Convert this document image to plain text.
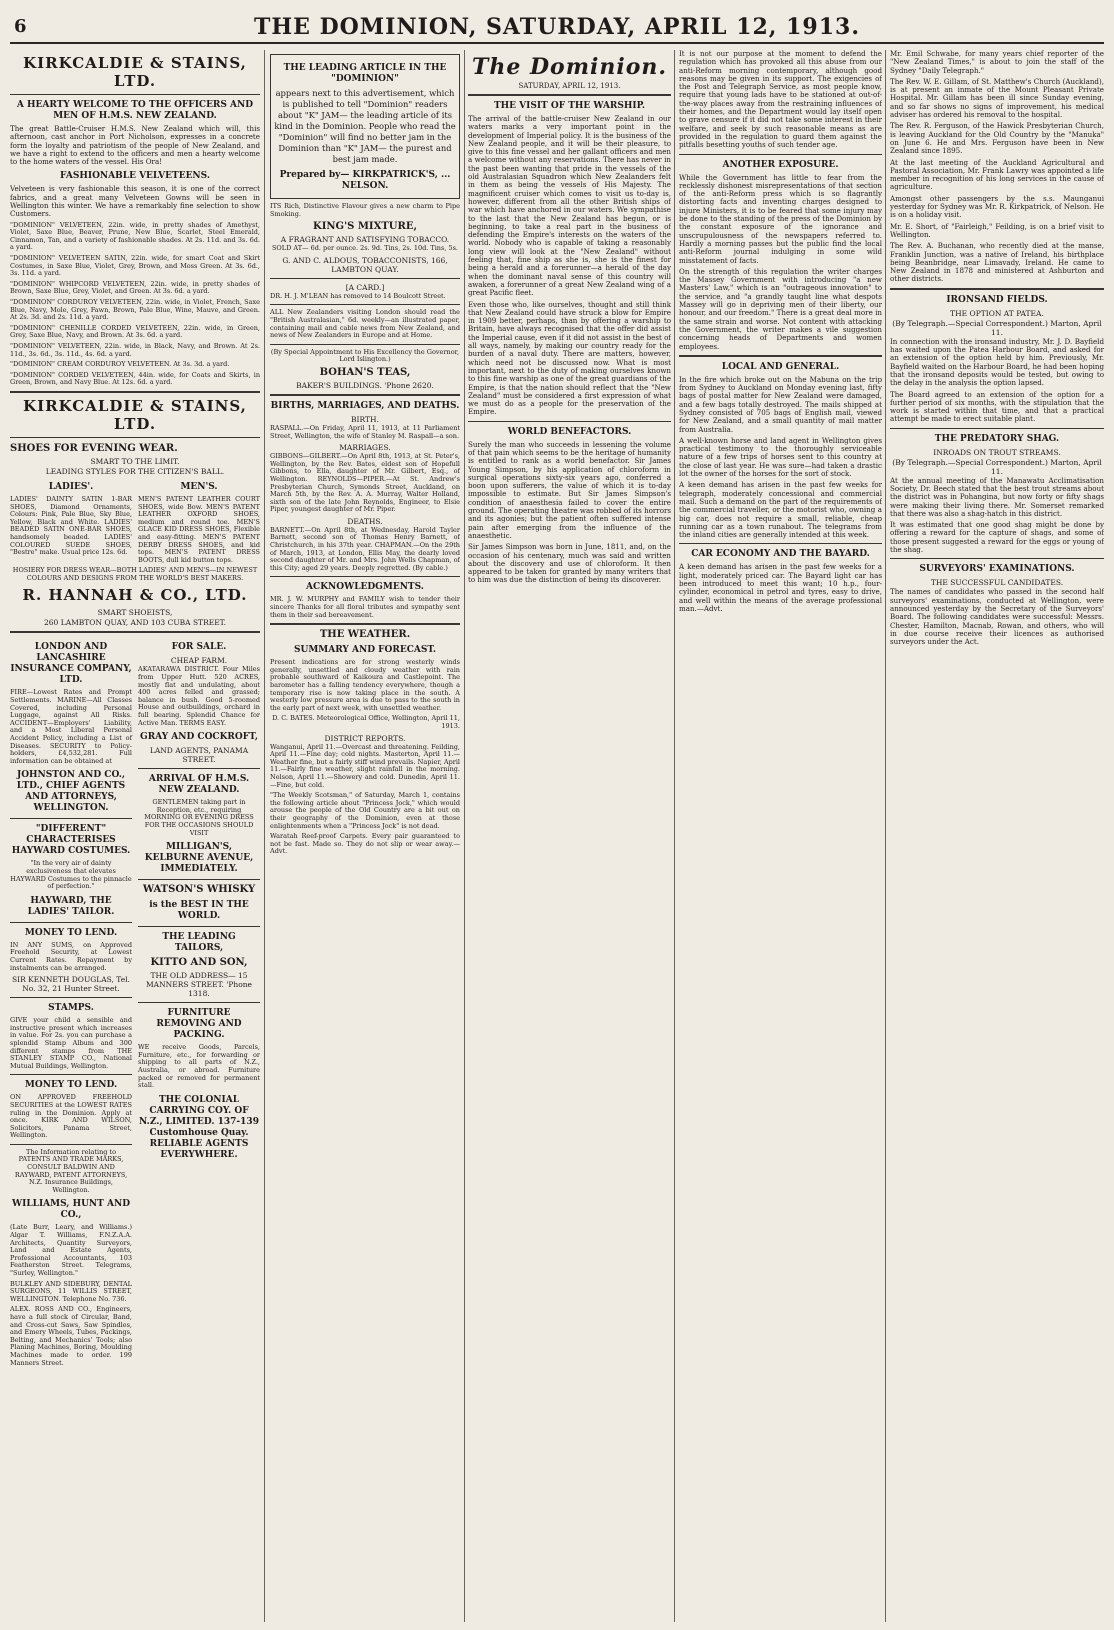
6	THE DOMINION, SATURDAY, APRIL 12, 1913.
KIRKCALDIE & STAINS, LTD.
A HEARTY WELCOME TO THE OFFICERS AND MEN OF H.M.S. NEW ZEALAND.

The great Battle-Cruiser H.M.S. New Zealand which will, this afternoon, cast anchor in Port Nicholson, expresses in a concrete form the loyalty and patriotism of the people of New Zealand, and we have a right to extend to the officers and men a hearty welcome to the home waters of the vessel. His Ora!

FASHIONABLE VELVETEENS.

Velveteen is very fashionable this season, it is one of the correct fabrics, and a great many Velveteen Gowns will be seen in Wellington this winter. We have a remarkably fine selection to show Customers.

"DOMINION" VELVETEEN, 22in. wide, in pretty shades of Amethyst, Violet, Saxe Blue, Beaver, Prune, New Blue, Scarlet, Steel Emerald, Cinnamon, Tan, and a variety of fashionable shades. At 2s. 11d. and 3s. 6d. a yard.

"DOMINION" VELVETEEN SATIN, 22in. wide, for smart Coat and Skirt Costumes, in Saxe Blue, Violet, Grey, Brown, and Moss Green. At 3s. 6d., 3s. 11d. a yard.

"DOMINION" WHIPCORD VELVETEEN, 22in. wide, in pretty shades of Brown, Saxe Blue, Grey, Violet, and Green. At 3s. 6d. a yard.

"DOMINION" CORDUROY VELVETEEN, 22in. wide, in Violet, French, Saxe Blue, Navy, Mole, Grey, Fawn, Brown, Pale Blue, Wine, Mauve, and Green. At 2s. 3d. and 2s. 11d. a yard.

"DOMINION" CHENILLE CORDED VELVETEEN, 22in. wide, in Green, Grey, Saxe Blue, Navy, and Brown. At 3s. 6d. a yard.

"DOMINION" VELVETEEN, 22in. wide, in Black, Navy, and Brown. At 2s. 11d., 3s. 6d., 3s. 11d., 4s. 6d. a yard.

"DOMINION" CREAM CORDUROY VELVETEEN. At 3s. 3d. a yard.

"DOMINION" CORDED VELVETEEN, 44in. wide, for Coats and Skirts, in Green, Brown, and Navy Blue. At 12s. 6d. a yard.

KIRKCALDIE & STAINS, LTD.
SHOES FOR EVENING WEAR.
SMART TO THE LIMIT.
LEADING STYLES FOR THE CITIZEN'S BALL.
LADIES'.

LADIES' DAINTY SATIN 1-BAR SHOES, Diamond Ornaments, Colours: Pink, Pale Blue, Sky Blue, Yellow, Black and White. LADIES' BEADED SATIN ONE-BAR SHOES, handsomely beaded. LADIES' COLOURED SUEDE SHOES, "Bestre" make. Usual price 12s. 6d.

MEN'S.

MEN'S PATENT LEATHER COURT SHOES, wide Bow. MEN'S PATENT LEATHER OXFORD SHOES, medium and round toe. MEN'S GLACE KID DRESS SHOES, Flexible and easy-fitting. MEN'S PATENT DERBY DRESS SHOES, and kid tops. MEN'S PATENT DRESS BOOTS, dull kid button tops.

HOSIERY FOR DRESS WEAR—BOTH LADIES' AND MEN'S—IN NEWEST COLOURS AND DESIGNS FROM THE WORLD'S BEST MAKERS.

R. HANNAH & CO., LTD.
SMART SHOEISTS,
260 LAMBTON QUAY, AND 103 CUBA STREET.
LONDON AND LANCASHIRE INSURANCE COMPANY, LTD.

FIRE—Lowest Rates and Prompt Settlements. MARINE—All Classes Covered, including Personal Luggage, against All Risks. ACCIDENT—Employers' Liability, and a Most Liberal Personal Accident Policy, including a List of Diseases. SECURITY to Policy-holders, £4,532,281. Full information can be obtained at

JOHNSTON AND CO., LTD., CHIEF AGENTS AND ATTORNEYS, WELLINGTON.
"DIFFERENT" CHARACTERISES HAYWARD COSTUMES.

"In the very air of dainty exclusiveness that elevates HAYWARD Costumes to the pinnacle of perfection."

HAYWARD, THE LADIES' TAILOR.
MONEY TO LEND.

IN ANY SUMS, on Approved Freehold Security, at Lowest Current Rates. Repayment by instalments can be arranged.

SIR KENNETH DOUGLAS, Tel. No. 32, 21 Hunter Street.
STAMPS.

GIVE your child a sensible and instructive present which increases in value. For 2s. you can purchase a splendid Stamp Album and 300 different stamps from THE STANLEY STAMP CO., National Mutual Buildings, Wellington.

MONEY TO LEND.

ON APPROVED FREEHOLD SECURITIES at the LOWEST RATES ruling in the Dominion. Apply at once. KIRK AND WILSON, Solicitors, Panama Street, Wellington.

The Information relating to PATENTS AND TRADE MARKS, CONSULT BALDWIN AND RAYWARD, PATENT ATTORNEYS, N.Z. Insurance Buildings, Wellington.

WILLIAMS, HUNT AND CO.,

(Late Burr, Leary, and Williams.) Algar T. Williams, F.N.Z.A.A. Architects, Quantity Surveyors, Land and Estate Agents, Professional Accountants, 103 Featherston Street. Telegrams, "Surley, Wellington."

BULKLEY AND SIDEBURY, DENTAL SURGEONS, 11 WILLIS STREET, WELLINGTON. Telephone No. 736.

ALEX. ROSS AND CO., Engineers, have a full stock of Circular, Band, and Cross-cut Saws, Saw Spindles, and Emery Wheels, Tubes, Packings, Belting, and Mechanics' Tools; also Planing Machines, Boring, Moulding Machines made to order. 199 Manners Street.

FOR SALE.
CHEAP FARM.

AKATARAWA DISTRICT. Four Miles from Upper Hutt. 520 ACRES, mostly flat and undulating, about 400 acres felled and grassed; balance in bush. Good 5-roomed House and outbuildings, orchard in full bearing. Splendid Chance for Active Man. TERMS EASY.

GRAY AND COCKROFT,
LAND AGENTS, PANAMA STREET.
ARRIVAL OF H.M.S. NEW ZEALAND.

GENTLEMEN taking part in Reception, etc., requiring MORNING OR EVENING DRESS FOR THE OCCASIONS SHOULD VISIT

MILLIGAN'S, KELBURNE AVENUE, IMMEDIATELY.
WATSON'S WHISKY
is the BEST IN THE WORLD.
THE LEADING TAILORS,
KITTO AND SON,
THE OLD ADDRESS— 15 MANNERS STREET. 'Phone 1318.
FURNITURE REMOVING AND PACKING.

WE receive Goods, Parcels, Furniture, etc., for forwarding or shipping to all parts of N.Z., Australia, or abroad. Furniture packed or removed for permanent stall.

THE COLONIAL CARRYING COY. OF N.Z., LIMITED. 137-139 Customhouse Quay. RELIABLE AGENTS EVERYWHERE.
THE LEADING ARTICLE IN THE "DOMINION"

appears next to this advertisement, which is published to tell "Dominion" readers about "K" JAM— the leading article of its kind in the Dominion. People who read the "Dominion" will find no better jam in the Dominion than "K" JAM— the purest and best jam made.

Prepared by— KIRKPATRICK'S, ... NELSON.

ITS Rich, Distinctive Flavour gives a new charm to Pipe Smoking.

KING'S MIXTURE,
A FRAGRANT AND SATISFYING TOBACCO.

SOLD AT— 6d. per ounce. 2s. 9d. Tins, 2s. 10d. Tins, 5s.

G. AND C. ALDOUS, TOBACCONISTS, 166, LAMBTON QUAY.
[A CARD.]

DR. H. J. M'LEAN has removed to 14 Boulcott Street.

ALL New Zealanders visiting London should read the "British Australasian," 6d. weekly—an illustrated paper, containing mail and cable news from New Zealand, and news of New Zealanders in Europe and at Home.

(By Special Appointment to His Excellency the Governor, Lord Islington.)

BOHAN'S TEAS,
BAKER'S BUILDINGS. 'Phone 2620.
BIRTHS, MARRIAGES, AND DEATHS.
BIRTH.

RASPALL.—On Friday, April 11, 1913, at 11 Parliament Street, Wellington, the wife of Stanley M. Raspall—a son.

MARRIAGES.

GIBBONS—GILBERT.—On April 8th, 1913, at St. Peter's, Wellington, by the Rev. Bates, eldest son of Hopefull Gibbons, to Ella, daughter of Mr. Gilbert, Esq., of Wellington. REYNOLDS—PIPER.—At St. Andrew's Presbyterian Church, Symonds Street, Auckland, on March 5th, by the Rev. A. A. Murray, Walter Holland, sixth son of the late John Reynolds, Engineer, to Elsie Piper, youngest daughter of Mr. Piper.

DEATHS.

BARNETT.—On April 8th, at Wednesday, Harold Tayler Barnett, second son of Thomas Henry Barnett, of Christchurch, in his 37th year. CHAPMAN.—On the 29th of March, 1913, at London, Ellis May, the dearly loved second daughter of Mr. and Mrs. John Wells Chapman, of this City; aged 29 years. Deeply regretted. (By cable.)

ACKNOWLEDGMENTS.

MR. J. W. MURPHY and FAMILY wish to tender their sincere Thanks for all floral tributes and sympathy sent them in their sad bereavement.

THE WEATHER.
SUMMARY AND FORECAST.

Present indications are for strong westerly winds generally, unsettled and cloudy weather with rain probable southward of Kaikoura and Castlepoint. The barometer has a falling tendency everywhere, though a temporary rise is now taking place in the south. A westerly low pressure area is due to pass to the south in the early part of next week, with unsettled weather.

D. C. BATES. Meteorological Office, Wellington, April 11, 1913.

DISTRICT REPORTS.

Wanganui, April 11.—Overcast and threatening. Feilding, April 11.—Fine day; cold nights. Masterton, April 11.—Weather fine, but a fairly stiff wind prevails. Napier, April 11.—Fairly fine weather, slight rainfall in the morning. Nelson, April 11.—Showery and cold. Dunedin, April 11.—Fine, but cold.

"The Weekly Scotsman," of Saturday, March 1, contains the following article about "Princess Jock," which would arouse the people of the Old Country are a bit out on their geography of the Dominion, even at those enlightenments when a "Princess Jock" is not dead.

Waratah Reef-proof Carpets. Every pair guaranteed to not be fast. Made so. They do not slip or wear away.—Advt.

The Dominion.
SATURDAY, APRIL 12, 1913.
THE VISIT OF THE WARSHIP.

The arrival of the battle-cruiser New Zealand in our waters marks a very important point in the development of Imperial policy. It is the business of the New Zealand people, and it will be their pleasure, to give to this fine vessel and her gallant officers and men a welcome without any reservations. There has never in the past been wanting that pride in the vessels of the old Australasian Squadron which New Zealanders felt in them as being the vessels of His Majesty. The magnificent cruiser which comes to visit us to-day is, however, different from all the other British ships of war which have anchored in our waters. We sympathise to the last that the New Zealand has begun, or is beginning, to take a real part in the business of defending the Empire's interests on the waters of the world. Nobody who is capable of taking a reasonably long view will look at the "New Zealand" without feeling that, fine ship as she is, she is the finest for being a herald and a forerunner—a herald of the day when the dominant naval sense of this country will awaken, a forerunner of a great New Zealand wing of a great Pacific fleet.

Even those who, like ourselves, thought and still think that New Zealand could have struck a blow for Empire in 1909 better, perhaps, than by offering a warship to Britain, have always recognised that the offer did assist the Imperial cause, even if it did not assist in the best of all ways, namely, by making our country ready for the burden of a naval duty. There are matters, however, which need not be discussed now. What is most important, next to the duty of making ourselves known to this fine warship as one of the great guardians of the Empire, is that the nation should reflect that the "New Zealand" must be considered a first expression of what we must do as a people for the preservation of the Empire.

WORLD BENEFACTORS.

Surely the man who succeeds in lessening the volume of that pain which seems to be the heritage of humanity is entitled to rank as a world benefactor. Sir James Young Simpson, by his application of chloroform in surgical operations sixty-six years ago, conferred a boon upon sufferers, the value of which it is to-day impossible to estimate. But Sir James Simpson's condition of anaesthesia failed to cover the entire ground. The operating theatre was robbed of its horrors and its agonies; but the patient often suffered intense pain after emerging from the influence of the anaesthetic.

Sir James Simpson was born in June, 1811, and, on the occasion of his centenary, much was said and written about the discovery and use of chloroform. It then appeared to be taken for granted by many writers that to him was due the distinction of being its discoverer.

It is not our purpose at the moment to defend the regulation which has provoked all this abuse from our anti-Reform morning contemporary, although good reasons may be given in its support. The exigencies of the Post and Telegraph Service, as most people know, require that young lads have to be stationed at out-of-the-way places away from the restraining influences of their homes, and the Department would lay itself open to grave censure if it did not take some interest in their welfare, and seek by such reasonable means as are provided in the regulation to guard them against the pitfalls besetting youths of such tender age.

ANOTHER EXPOSURE.

While the Government has little to fear from the recklessly dishonest misrepresentations of that section of the anti-Reform press which is so flagrantly distorting facts and inventing charges designed to injure Ministers, it is to be feared that some injury may be done to the standing of the press of the Dominion by the constant exposure of the ignorance and unscrupulousness of the newspapers referred to. Hardly a morning passes but the public find the local anti-Reform journal indulging in some wild misstatement of facts.

On the strength of this regulation the writer charges the Massey Government with introducing "a new Masters' Law," which is an "outrageous innovation" to the service, and "a grandly taught line what despots Massey will go in depriving men of their liberty, our honour, and our freedom." There is a great deal more in the same strain and worse. Not content with attacking the Government, the writer makes a vile suggestion concerning heads of Departments and women employees.

LOCAL AND GENERAL.

In the fire which broke out on the Mabuna on the trip from Sydney to Auckland on Monday evening last, fifty bags of postal matter for New Zealand were damaged, and a few bags totally destroyed. The mails shipped at Sydney consisted of 705 bags of English mail, viewed for New Zealand, and a small quantity of mail matter from Australia.

A well-known horse and land agent in Wellington gives practical testimony to the thoroughly serviceable nature of a few trips of horses sent to this country at the close of last year. He was sure—had taken a drastic lot the owner of the horses for the sort of stock.

A keen demand has arisen in the past few weeks for telegraph, moderately concessional and commercial mail. Such a demand on the part of the requirements of the commercial traveller, or the motorist who, owning a big car, does not require a small, reliable, cheap running car as a town runabout. The telegrams from the inland cities are generally intended at this week.

CAR ECONOMY AND THE BAYARD.

A keen demand has arisen in the past few weeks for a light, moderately priced car. The Bayard light car has been introduced to meet this want; 10 h.p., four-cylinder, economical in petrol and tyres, easy to drive, and well within the means of the average professional man.—Advt.

Mr. Emil Schwabe, for many years chief reporter of the "New Zealand Times," is about to join the staff of the Sydney "Daily Telegraph."

The Rev. W. E. Gillam, of St. Matthew's Church (Auckland), is at present an inmate of the Mount Pleasant Private Hospital. Mr. Gillam has been ill since Sunday evening, and so far shows no signs of improvement, his medical adviser has ordered his removal to the hospital.

The Rev. R. Ferguson, of the Hawick Presbyterian Church, is leaving Auckland for the Old Country by the "Manuka" on June 6. He and Mrs. Ferguson have been in New Zealand since 1895.

At the last meeting of the Auckland Agricultural and Pastoral Association, Mr. Frank Lawry was appointed a life member in recognition of his long services in the cause of agriculture.

Amongst other passengers by the s.s. Maunganui yesterday for Sydney was Mr. R. Kirkpatrick, of Nelson. He is on a holiday visit.

Mr. E. Short, of "Fairleigh," Feilding, is on a brief visit to Wellington.

The Rev. A. Buchanan, who recently died at the manse, Franklin Junction, was a native of Ireland, his birthplace being Beanbridge, near Limavady, Ireland. He came to New Zealand in 1878 and ministered at Ashburton and other districts.

IRONSAND FIELDS.
THE OPTION AT PATEA.
(By Telegraph.—Special Correspondent.) Marton, April 11.

In connection with the ironsand industry, Mr. J. D. Bayfield has waited upon the Patea Harbour Board, and asked for an extension of the option held by him. Previously, Mr. Bayfield waited on the Harbour Board, he had been hoping that the ironsand deposits would be tested, but owing to the delay in the analysis the option lapsed.

The Board agreed to an extension of the option for a further period of six months, with the stipulation that the work is started within that time, and that a practical attempt be made to erect suitable plant.

THE PREDATORY SHAG.
INROADS ON TROUT STREAMS.
(By Telegraph.—Special Correspondent.) Marton, April 11.

At the annual meeting of the Manawatu Acclimatisation Society, Dr. Beech stated that the best trout streams about the district was in Pohangina, but now forty or fifty shags were making their living there. Mr. Somerset remarked that there was also a shag-hatch in this district.

It was estimated that one good shag might be done by offering a reward for the capture of shags, and some of those present suggested a reward for the eggs or young of the shag.

SURVEYORS' EXAMINATIONS.
THE SUCCESSFUL CANDIDATES.

The names of candidates who passed in the second half surveyors' examinations, conducted at Wellington, were announced yesterday by the Secretary of the Surveyors' Board. The following candidates were successful: Messrs. Chester, Hamilton, Macnab, Rowan, and others, who will in due course receive their licences as authorised surveyors under the Act.
